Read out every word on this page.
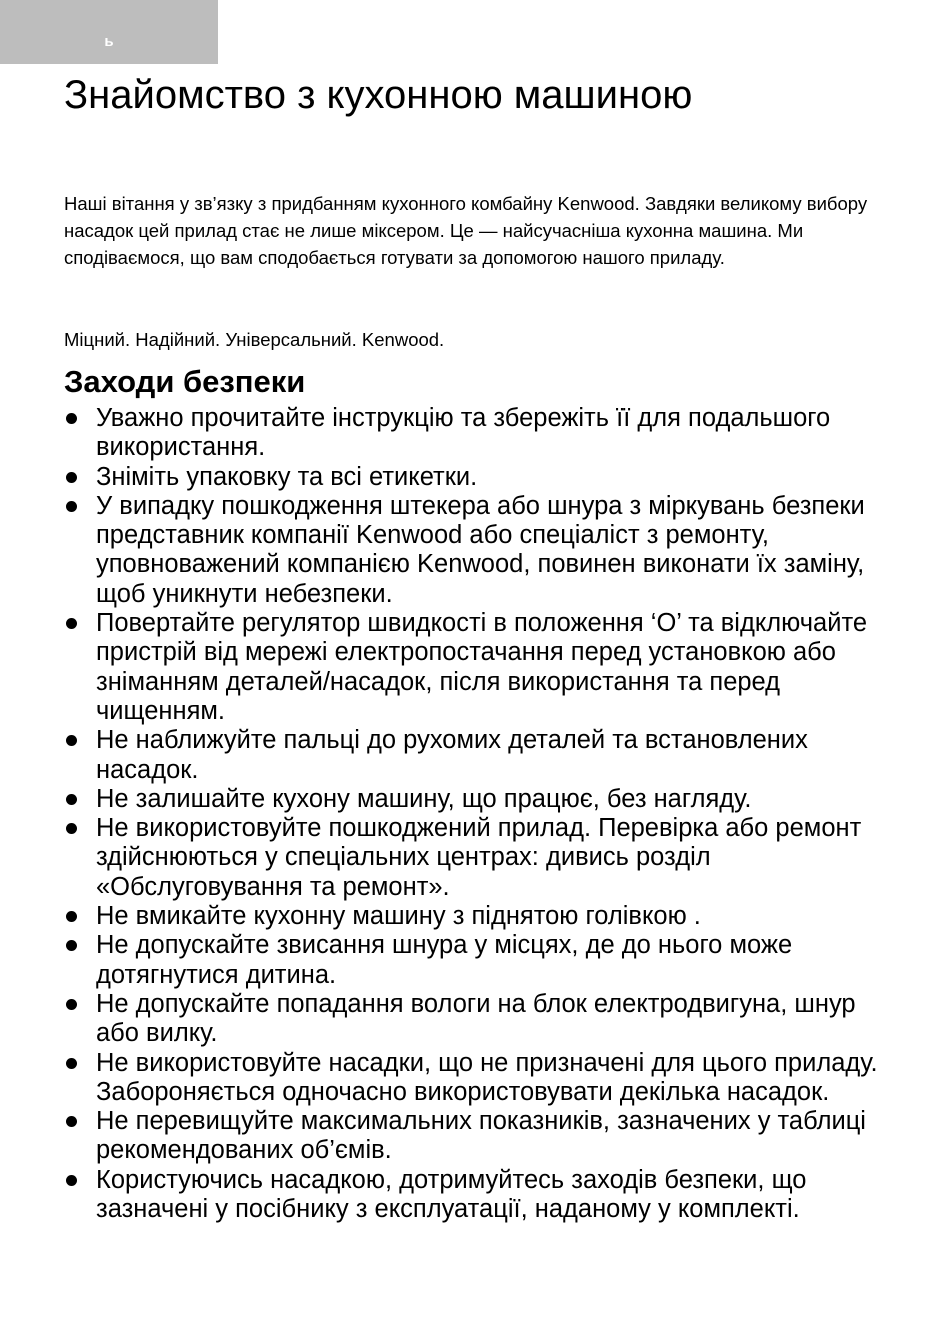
ь
Знайомство з кухонною машиною

Наші вітання у зв’язку з придбанням кухонного комбайну Kenwood. Завдяки великому вибору насадок цей прилад стає не лише міксером. Це — найсучасніша кухонна машина. Ми сподіваємося, що вам сподобається готувати за допомогою нашого приладу.

Міцний. Надійний. Універсальний. Kenwood.

Заходи безпеки
Уважно прочитайте інструкцію та збережіть її для подальшого використання.
Зніміть упаковку та всі етикетки.
У випадку пошкодження штекера або шнура з міркувань безпеки представник компанії Kenwood або спеціаліст з ремонту, уповноважений компанією Kenwood, повинен виконати їх заміну, щоб уникнути небезпеки.
Повертайте регулятор швидкості в положення ‘O’ та відключайте пристрій від мережі електропостачання перед установкою або зніманням деталей/насадок, після використання та перед чищенням.
Не наближуйте пальці до рухомих деталей та встановлених насадок.
Не залишайте кухону машину, що працює, без нагляду.
Не використовуйте пошкоджений прилад. Перевірка або ремонт здійснюються у спеціальних центрах: дивись розділ «Обслуговування та ремонт».
Не вмикайте кухонну машину з піднятою голівкою .
Не допускайте звисання шнура у місцях, де до нього може дотягнутися дитина.
Не допускайте попадання вологи на блок електродвигуна, шнур або вилку.
Не використовуйте насадки, що не призначені для цього приладу. Забороняється одночасно використовувати декілька насадок.
Не перевищуйте максимальних показників, зазначених у таблиці рекомендованих об’ємів.
Користуючись насадкою, дотримуйтесь заходів безпеки, що зазначені у посібнику з експлуатації, наданому у комплекті.
